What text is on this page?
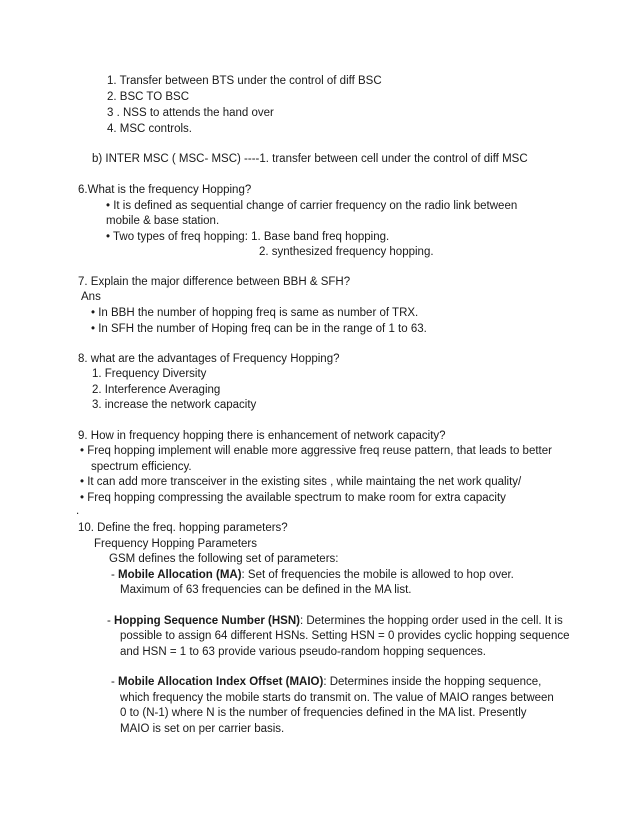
1. Transfer between BTS under the control of diff BSC
2. BSC TO BSC
3 . NSS to attends the hand over
4. MSC controls.
b) INTER MSC ( MSC- MSC) ----1. transfer between cell under the control of diff MSC
6.What is the frequency Hopping?
• It is defined as sequential change of carrier frequency on the radio link between
mobile & base station.
• Two types of freq hopping: 1. Base band freq hopping.
2. synthesized frequency hopping.
7. Explain the major difference between BBH & SFH?
Ans
• In BBH the number of hopping freq is same as number of TRX.
• In SFH the number of Hoping freq can be in the range of 1 to 63.
8. what are the advantages of Frequency Hopping?
1. Frequency Diversity
2. Interference Averaging
3. increase the network capacity
9. How in frequency hopping there is enhancement of network capacity?
• Freq hopping implement will enable more aggressive freq reuse pattern, that leads to better
spectrum efficiency.
• It can add more transceiver in the existing sites , while maintaing the net work quality/
• Freq hopping compressing the available spectrum to make room for extra capacity
.
10. Define the freq. hopping parameters?
Frequency Hopping Parameters
GSM defines the following set of parameters:
- Mobile Allocation (MA): Set of frequencies the mobile is allowed to hop over.
Maximum of 63 frequencies can be defined in the MA list.
- Hopping Sequence Number (HSN): Determines the hopping order used in the cell. It is
possible to assign 64 different HSNs. Setting HSN = 0 provides cyclic hopping sequence
and HSN = 1 to 63 provide various pseudo-random hopping sequences.
- Mobile Allocation Index Offset (MAIO): Determines inside the hopping sequence,
which frequency the mobile starts do transmit on. The value of MAIO ranges between
0 to (N-1) where N is the number of frequencies defined in the MA list. Presently
MAIO is set on per carrier basis.
